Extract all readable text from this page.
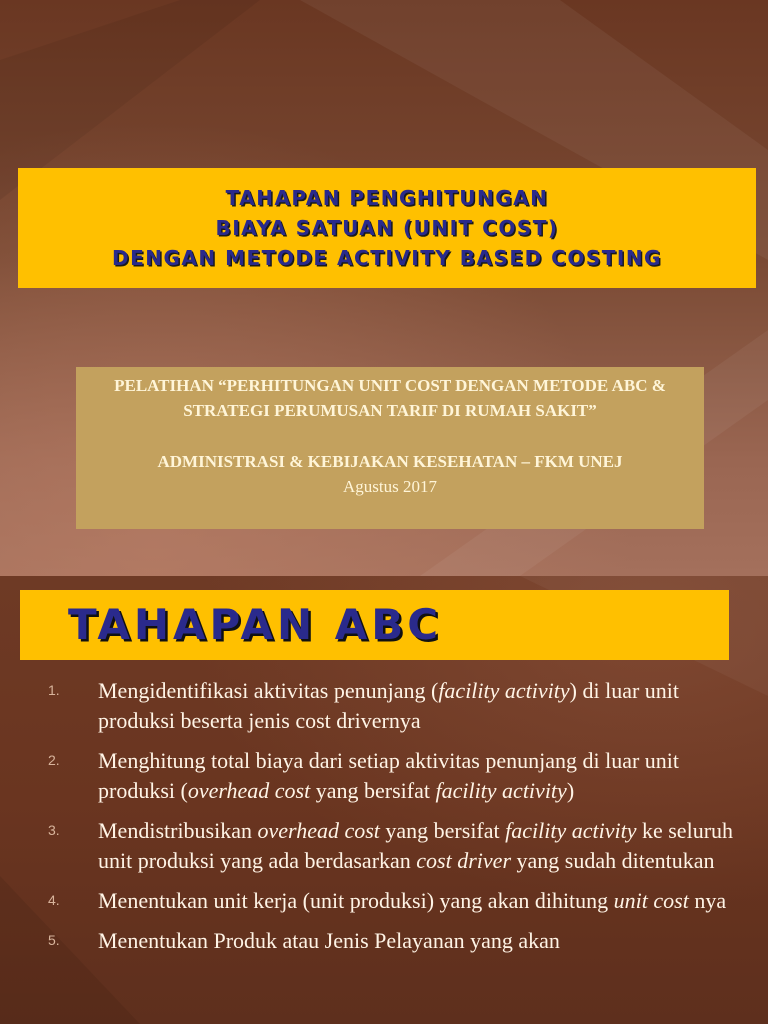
TAHAPAN PENGHITUNGAN
BIAYA SATUAN (UNIT COST)
DENGAN METODE ACTIVITY BASED COSTING
PELATIHAN “PERHITUNGAN UNIT COST DENGAN METODE ABC &
STRATEGI PERUMUSAN TARIF DI RUMAH SAKIT”
ADMINISTRASI & KEBIJAKAN KESEHATAN – FKM UNEJ
Agustus 2017
TAHAPAN ABC
1. Mengidentifikasi aktivitas penunjang (facility activity) di luar unit produksi beserta jenis cost drivernya
2. Menghitung total biaya dari setiap aktivitas penunjang di luar unit produksi (overhead cost yang bersifat facility activity)
3. Mendistribusikan overhead cost yang bersifat facility activity ke seluruh unit produksi yang ada berdasarkan cost driver yang sudah ditentukan
4. Menentukan unit kerja (unit produksi) yang akan dihitung unit cost nya
5. Menentukan Produk atau Jenis Pelayanan yang akan
